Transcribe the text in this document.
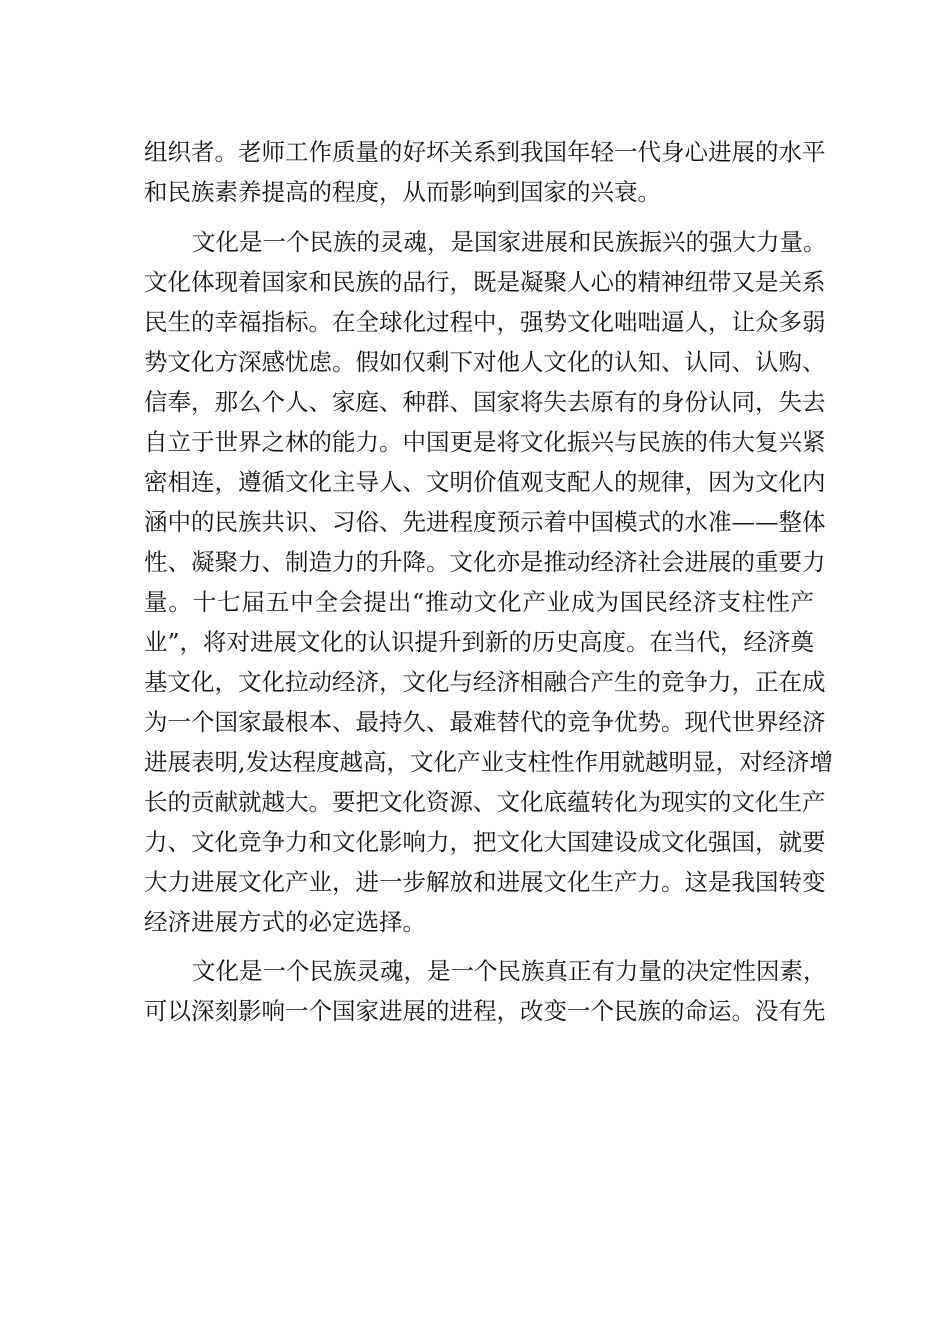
组织者。老师工作质量的好坏关系到我国年轻一代身心进展的水平
和民族素养提高的程度，从而影响到国家的兴衰。
文化是一个民族的灵魂，是国家进展和民族振兴的强大力量。
文化体现着国家和民族的品行，既是凝聚人心的精神纽带又是关系
民生的幸福指标。在全球化过程中，强势文化咄咄逼人，让众多弱
势文化方深感忧虑。假如仅剩下对他人文化的认知、认同、认购、
信奉，那么个人、家庭、种群、国家将失去原有的身份认同，失去
自立于世界之林的能力。中国更是将文化振兴与民族的伟大复兴紧
密相连，遵循文化主导人、文明价值观支配人的规律，因为文化内
涵中的民族共识、习俗、先进程度预示着中国模式的水准——整体
性、凝聚力、制造力的升降。文化亦是推动经济社会进展的重要力
量。十七届五中全会提出“推动文化产业成为国民经济支柱性产
业”，将对进展文化的认识提升到新的历史高度。在当代，经济奠
基文化，文化拉动经济，文化与经济相融合产生的竞争力，正在成
为一个国家最根本、最持久、最难替代的竞争优势。现代世界经济
进展表明,发达程度越高，文化产业支柱性作用就越明显，对经济增
长的贡献就越大。要把文化资源、文化底蕴转化为现实的文化生产
力、文化竞争力和文化影响力，把文化大国建设成文化强国，就要
大力进展文化产业，进一步解放和进展文化生产力。这是我国转变
经济进展方式的必定选择。
文化是一个民族灵魂，是一个民族真正有力量的决定性因素，
可以深刻影响一个国家进展的进程，改变一个民族的命运。没有先
